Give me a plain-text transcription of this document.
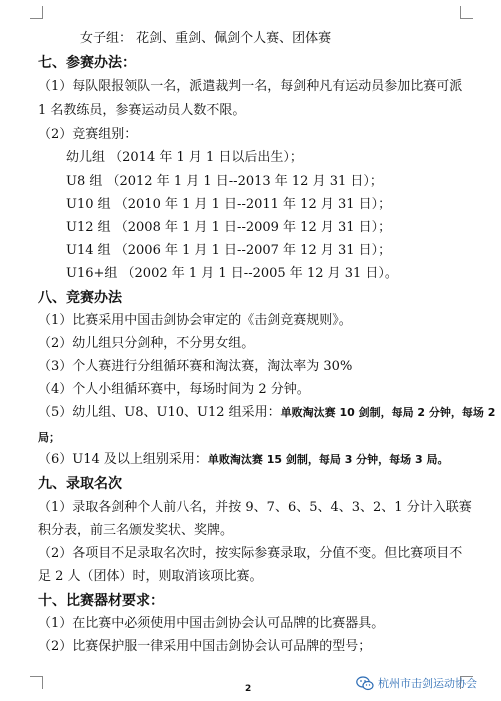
女子组： 花剑、重剑、佩剑个人赛、团体赛
七、参赛办法：
（1）每队限报领队一名，派遣裁判一名，每剑种凡有运动员参加比赛可派
1 名教练员，参赛运动员人数不限。
（2）竞赛组别：
幼儿组 （2014 年 1 月 1 日以后出生）；
U8 组 （2012 年 1 月 1 日--2013 年 12 月 31 日）；
U10 组 （2010 年 1 月 1 日--2011 年 12 月 31 日）；
U12 组 （2008 年 1 月 1 日--2009 年 12 月 31 日）；
U14 组 （2006 年 1 月 1 日--2007 年 12 月 31 日）；
U16+组 （2002 年 1 月 1 日--2005 年 12 月 31 日）。
八、竞赛办法
（1）比赛采用中国击剑协会审定的《击剑竞赛规则》。
（2）幼儿组只分剑种，不分男女组。
（3）个人赛进行分组循环赛和淘汰赛，淘汰率为 30%
（4）个人小组循环赛中，每场时间为 2 分钟。
（5）幼儿组、U8、U10、U12 组采用：单败淘汰赛 10 剑制，每局 2 分钟，每场 2
局；
（6）U14 及以上组别采用：单败淘汰赛 15 剑制，每局 3 分钟，每场 3 局。
九、录取名次
（1）录取各剑种个人前八名，并按 9、7、6、5、4、3、2、1 分计入联赛
积分表，前三名颁发奖状、奖牌。
（2）各项目不足录取名次时，按实际参赛录取，分值不变。但比赛项目不
足 2 人（团体）时，则取消该项比赛。
十、比赛器材要求：
（1）在比赛中必须使用中国击剑协会认可品牌的比赛器具。
（2）比赛保护服一律采用中国击剑协会认可品牌的型号；
2	杭州市击剑运动协会
